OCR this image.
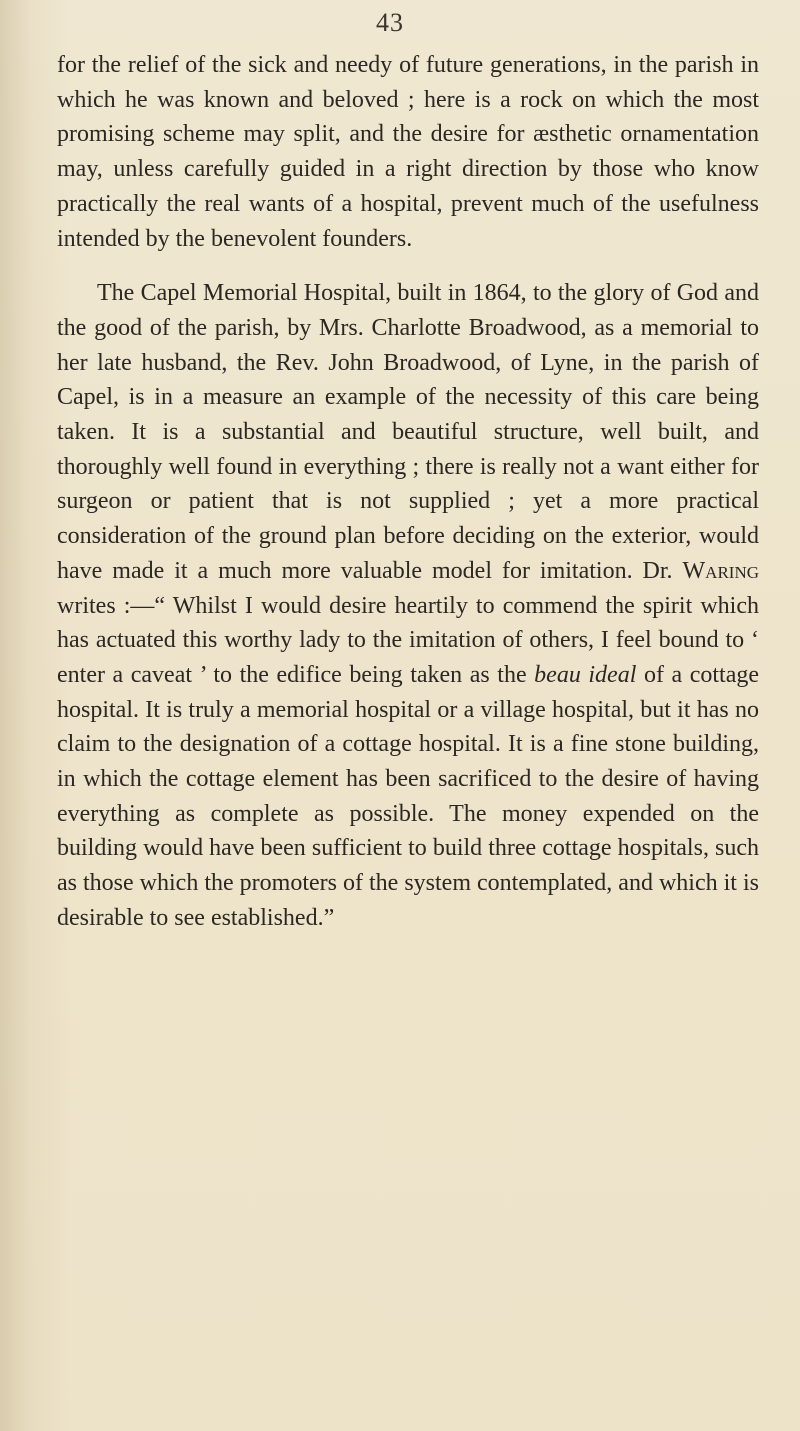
43

for the relief of the sick and needy of future generations, in the parish in which he was known and beloved ; here is a rock on which the most promising scheme may split, and the desire for æsthetic ornamentation may, unless carefully guided in a right direction by those who know practically the real wants of a hospital, prevent much of the usefulness intended by the benevolent founders.

The Capel Memorial Hospital, built in 1864, to the glory of God and the good of the parish, by Mrs. Charlotte Broadwood, as a memorial to her late husband, the Rev. John Broadwood, of Lyne, in the parish of Capel, is in a measure an example of the necessity of this care being taken. It is a substantial and beautiful structure, well built, and thoroughly well found in everything ; there is really not a want either for surgeon or patient that is not supplied ; yet a more practical consideration of the ground plan before deciding on the exterior, would have made it a much more valuable model for imitation. Dr. Waring writes :—“ Whilst I would desire heartily to commend the spirit which has actuated this worthy lady to the imitation of others, I feel bound to ‘ enter a caveat ’ to the edifice being taken as the beau ideal of a cottage hospital. It is truly a memorial hospital or a village hospital, but it has no claim to the designation of a cottage hospital. It is a fine stone building, in which the cottage element has been sacrificed to the desire of having everything as complete as possible. The money expended on the building would have been sufficient to build three cottage hospitals, such as those which the promoters of the system contemplated, and which it is desirable to see established.”
